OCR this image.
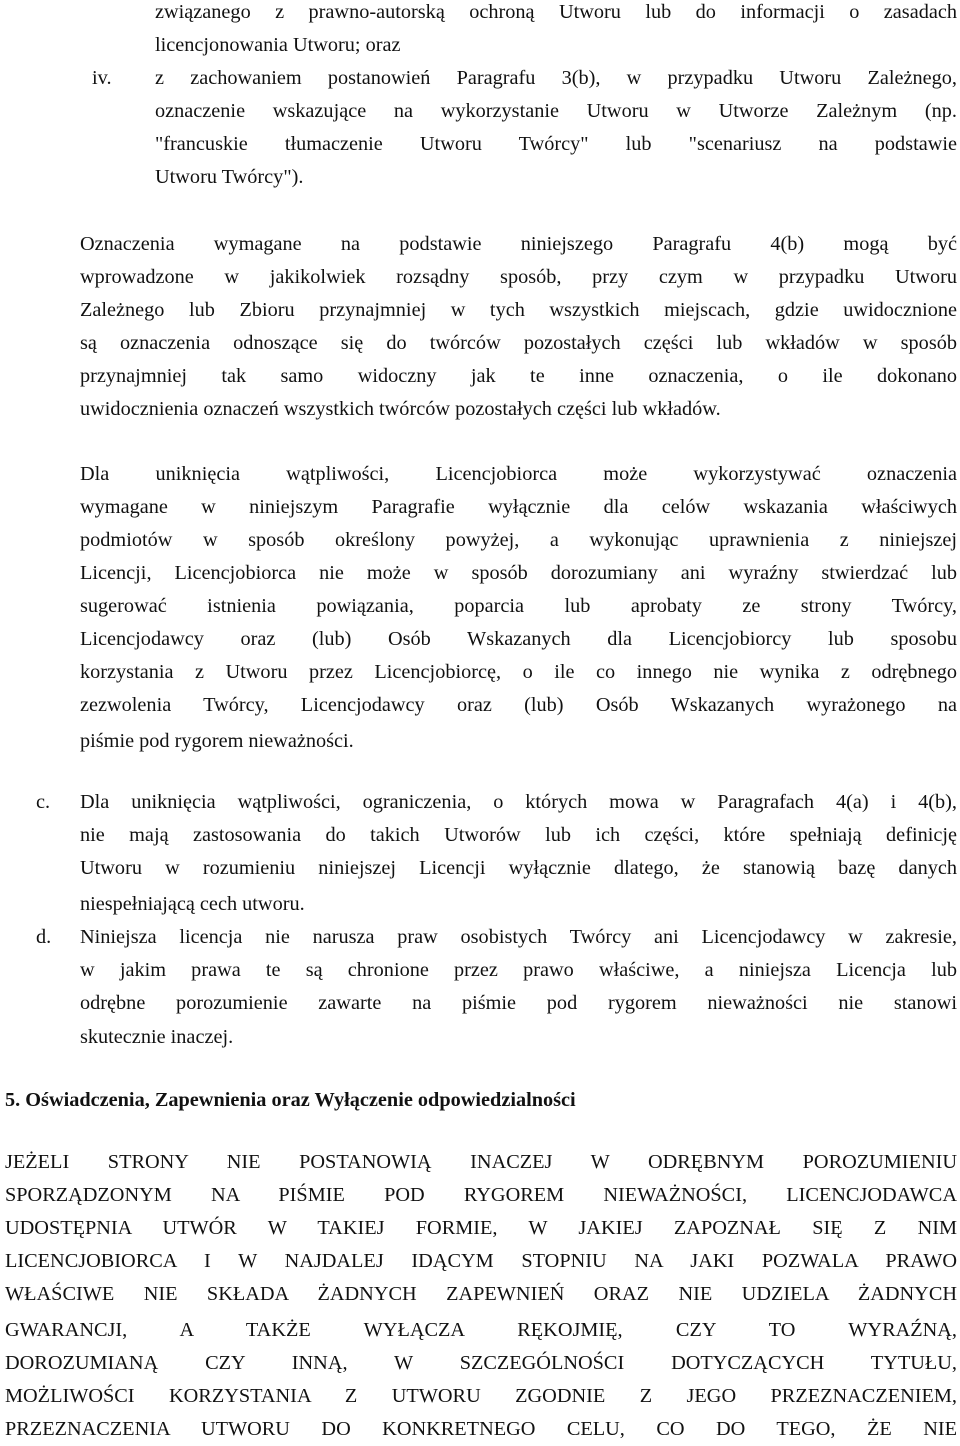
związanego z prawno-autorską ochroną Utworu lub do informacji o zasadach
licencjonowania Utworu; oraz
iv. z zachowaniem postanowień Paragrafu 3(b), w przypadku Utworu Zależnego,
oznaczenie wskazujące na wykorzystanie Utworu w Utworze Zależnym (np.
"francuskie tłumaczenie Utworu Twórcy" lub "scenariusz na podstawie
Utworu Twórcy").
Oznaczenia wymagane na podstawie niniejszego Paragrafu 4(b) mogą być
wprowadzone w jakikolwiek rozsądny sposób, przy czym w przypadku Utworu
Zależnego lub Zbioru przynajmniej w tych wszystkich miejscach, gdzie uwidocznione
są oznaczenia odnoszące się do twórców pozostałych części lub wkładów w sposób
przynajmniej tak samo widoczny jak te inne oznaczenia, o ile dokonano
uwidocznienia oznaczeń wszystkich twórców pozostałych części lub wkładów.
Dla uniknięcia wątpliwości, Licencjobiorca może wykorzystywać oznaczenia
wymagane w niniejszym Paragrafie wyłącznie dla celów wskazania właściwych
podmiotów w sposób określony powyżej, a wykonując uprawnienia z niniejszej
Licencji, Licencjobiorca nie może w sposób dorozumiany ani wyraźny stwierdzać lub
sugerować istnienia powiązania, poparcia lub aprobaty ze strony Twórcy,
Licencjodawcy oraz (lub) Osób Wskazanych dla Licencjobiorcy lub sposobu
korzystania z Utworu przez Licencjobiorcę, o ile co innego nie wynika z odrębnego
zezwolenia Twórcy, Licencjodawcy oraz (lub) Osób Wskazanych wyrażonego na
piśmie pod rygorem nieważności.
c. Dla uniknięcia wątpliwości, ograniczenia, o których mowa w Paragrafach 4(a) i 4(b),
nie mają zastosowania do takich Utworów lub ich części, które spełniają definicję
Utworu w rozumieniu niniejszej Licencji wyłącznie dlatego, że stanowią bazę danych
niespełniającą cech utworu.
d. Niniejsza licencja nie narusza praw osobistych Twórcy ani Licencjodawcy w zakresie,
w jakim prawa te są chronione przez prawo właściwe, a niniejsza Licencja lub
odrębne porozumienie zawarte na piśmie pod rygorem nieważności nie stanowi
skutecznie inaczej.
5. Oświadczenia, Zapewnienia oraz Wyłączenie odpowiedzialności
JEŻELI STRONY NIE POSTANOWIĄ INACZEJ W ODRĘBNYM POROZUMIENIU
SPORZĄDZONYM NA PIŚMIE POD RYGOREM NIEWAŻNOŚCI, LICENCJODAWCA
UDOSTĘPNIA UTWÓR W TAKIEJ FORMIE, W JAKIEJ ZAPOZNAŁ SIĘ Z NIM
LICENCJOBIORCA I W NAJDALEJ IDĄCYM STOPNIU NA JAKI POZWALA PRAWO
WŁAŚCIWE NIE SKŁADA ŻADNYCH ZAPEWNIEŃ ORAZ NIE UDZIELA ŻADNYCH
GWARANCJI, A TAKŻE WYŁĄCZA RĘKOJMIĘ, CZY TO WYRAŹNĄ,
DOROZUMIANĄ CZY INNĄ, W SZCZEGÓLNOŚCI DOTYCZĄCYCH TYTUŁU,
MOŻLIWOŚCI KORZYSTANIA Z UTWORU ZGODNIE Z JEGO PRZEZNACZENIEM,
PRZEZNACZENIA UTWORU DO KONKRETNEGO CELU, CO DO TEGO, ŻE NIE
